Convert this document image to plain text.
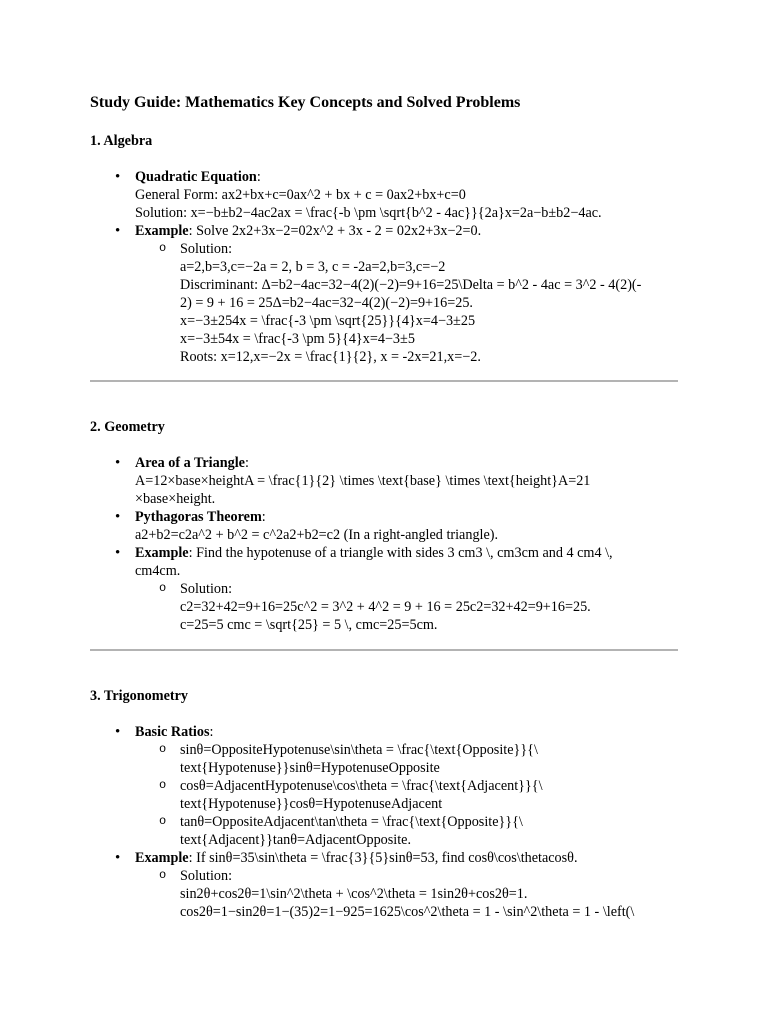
Study Guide: Mathematics Key Concepts and Solved Problems
1. Algebra
• Quadratic Equation:
General Form: ax2+bx+c=0ax^2 + bx + c = 0ax2+bx+c=0
Solution: x=−b±b2−4ac2ax = \frac{-b \pm \sqrt{b^2 - 4ac}}{2a}x=2a−b±b2−4ac.
• Example: Solve 2x2+3x−2=02x^2 + 3x - 2 = 02x2+3x−2=0.
o Solution:
a=2,b=3,c=−2a = 2, b = 3, c = -2a=2,b=3,c=−2
Discriminant: Δ=b2−4ac=32−4(2)(−2)=9+16=25\Delta = b^2 - 4ac = 3^2 - 4(2)(-
2) = 9 + 16 = 25Δ=b2−4ac=32−4(2)(−2)=9+16=25.
x=−3±254x = \frac{-3 \pm \sqrt{25}}{4}x=4−3±25
x=−3±54x = \frac{-3 \pm 5}{4}x=4−3±5
Roots: x=12,x=−2x = \frac{1}{2}, x = -2x=21,x=−2.
2. Geometry
• Area of a Triangle:
A=12×base×heightA = \frac{1}{2} \times \text{base} \times \text{height}A=21
×base×height.
• Pythagoras Theorem:
a2+b2=c2a^2 + b^2 = c^2a2+b2=c2 (In a right-angled triangle).
• Example: Find the hypotenuse of a triangle with sides 3 cm3 \, cm3cm and 4 cm4 \,
cm4cm.
o Solution:
c2=32+42=9+16=25c^2 = 3^2 + 4^2 = 9 + 16 = 25c2=32+42=9+16=25.
c=25=5 cmc = \sqrt{25} = 5 \, cmc=25=5cm.
3. Trigonometry
• Basic Ratios:
o sinθ=OppositeHypotenuse\sin\theta = \frac{\text{Opposite}}{\
text{Hypotenuse}}sinθ=HypotenuseOpposite
o cosθ=AdjacentHypotenuse\cos\theta = \frac{\text{Adjacent}}{\
text{Hypotenuse}}cosθ=HypotenuseAdjacent
o tanθ=OppositeAdjacent\tan\theta = \frac{\text{Opposite}}{\
text{Adjacent}}tanθ=AdjacentOpposite.
• Example: If sinθ=35\sin\theta = \frac{3}{5}sinθ=53, find cosθ\cos\thetacosθ.
o Solution:
sin2θ+cos2θ=1\sin^2\theta + \cos^2\theta = 1sin2θ+cos2θ=1.
cos2θ=1−sin2θ=1−(35)2=1−925=1625\cos^2\theta = 1 - \sin^2\theta = 1 - \left(\
